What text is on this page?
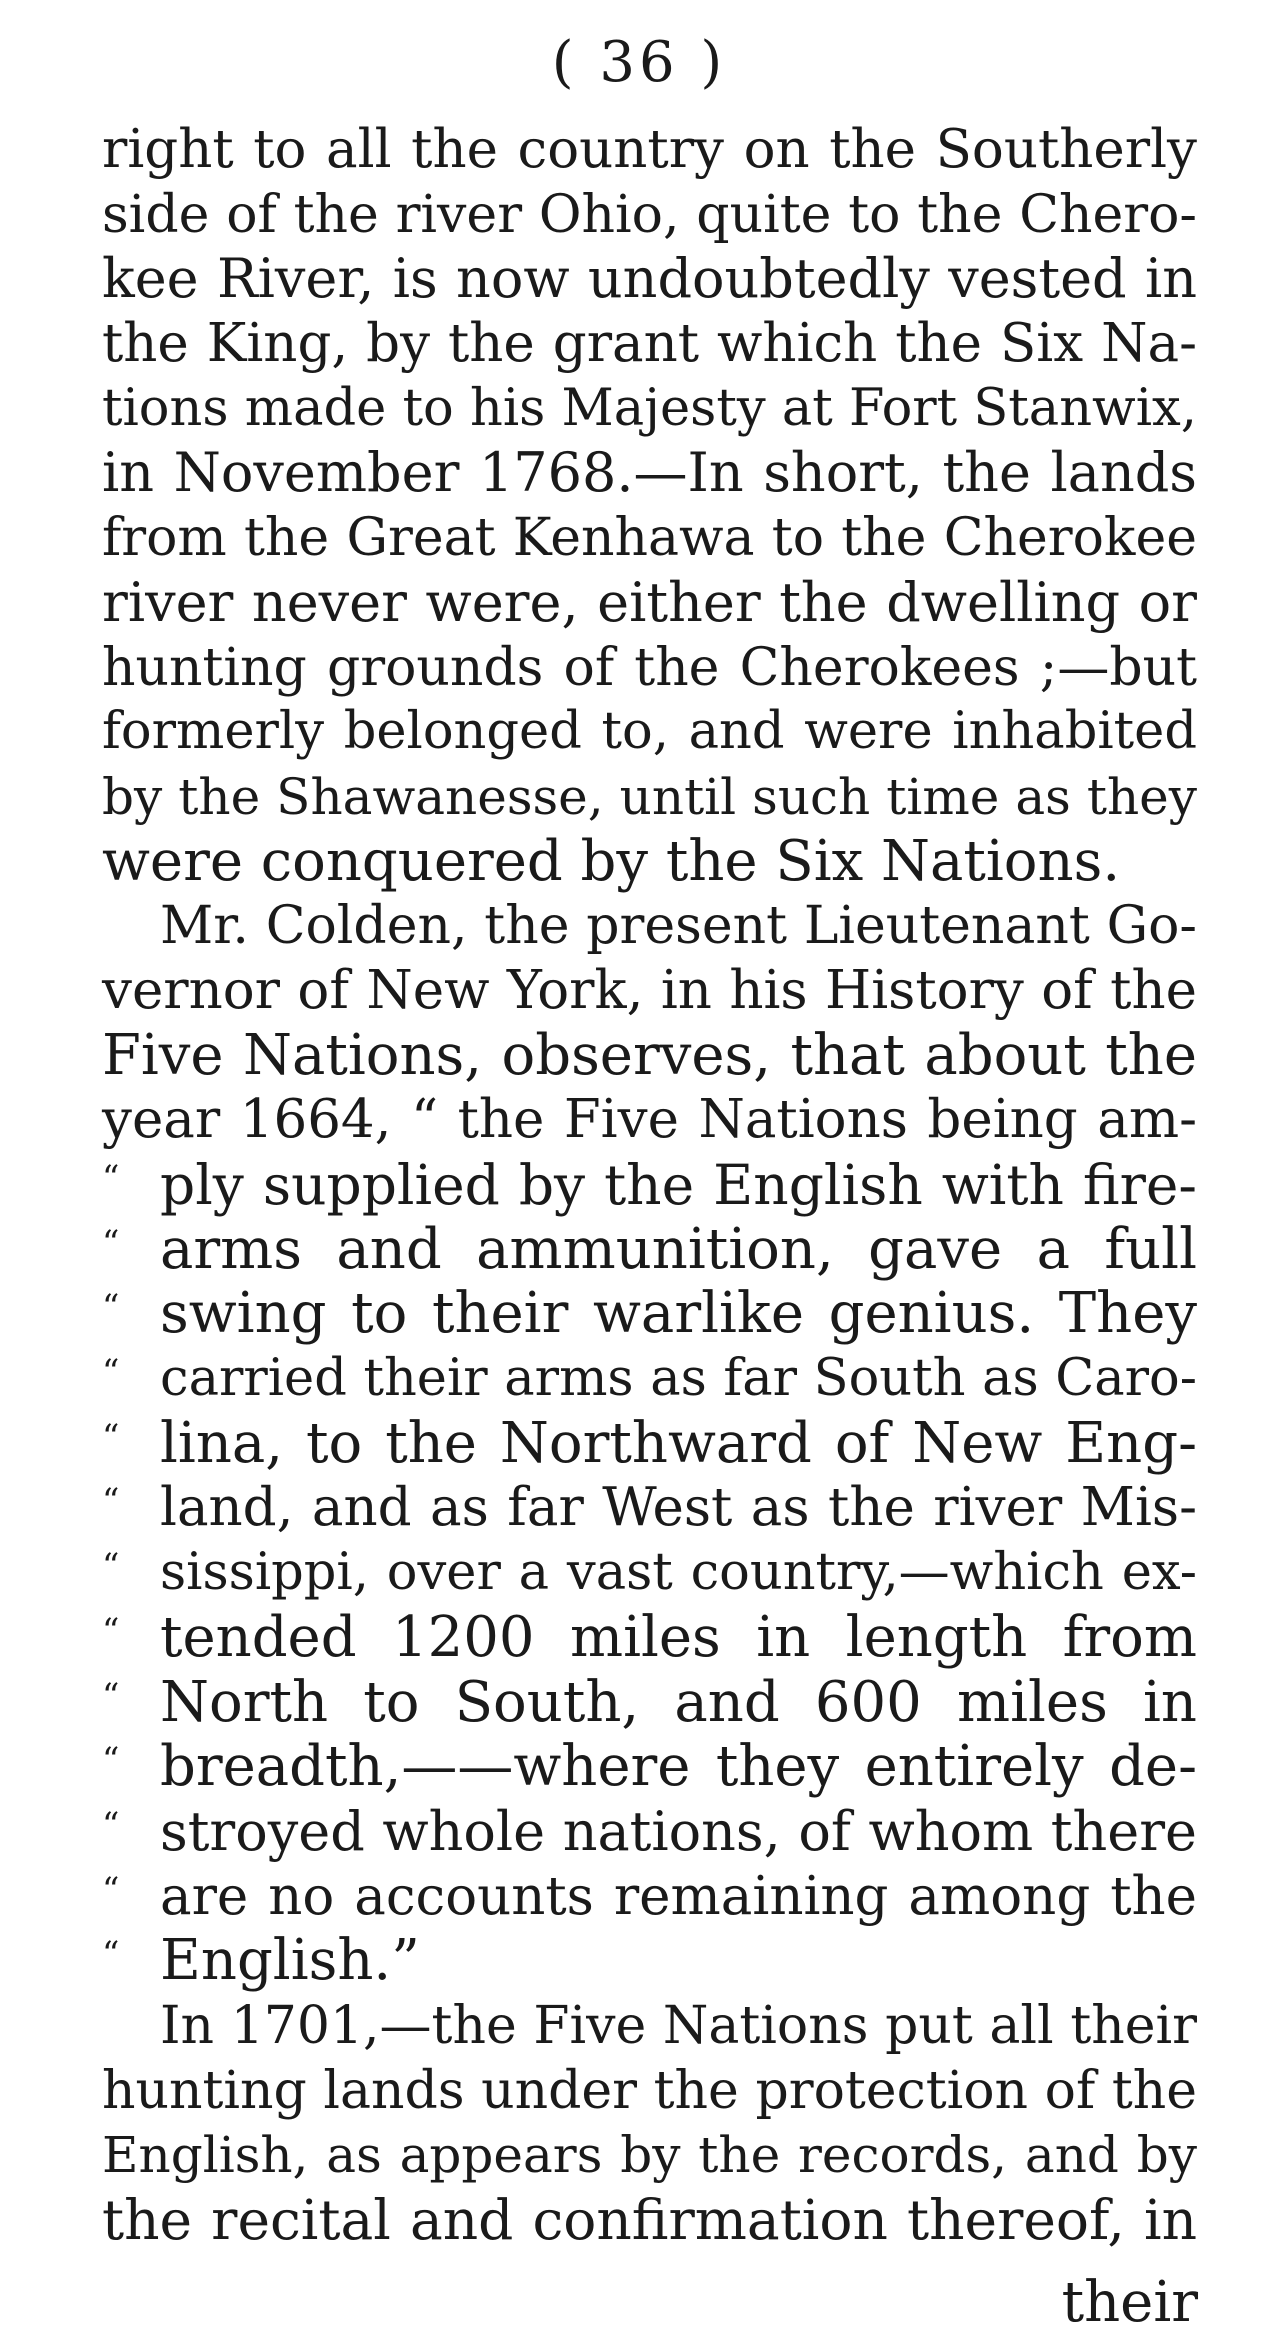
( 36 )
right to all the country on the Southerly
side of the river Ohio, quite to the Chero-
kee River, is now undoubtedly vested in
the King, by the grant which the Six Na-
tions made to his Majesty at Fort Stanwix,
in November 1768.—In short, the lands
from the Great Kenhawa to the Cherokee
river never were, either the dwelling or
hunting grounds of the Cherokees ;—but
formerly belonged to, and were inhabited
by the Shawanesse, until such time as they
were conquered by the Six Nations.
Mr. Colden, the present Lieutenant Go-
vernor of New York, in his History of the
Five Nations, observes, that about the
year 1664, “ the Five Nations being am-
“ ply supplied by the English with fire-
“ arms and ammunition, gave a full
“ swing to their warlike genius. They
“ carried their arms as far South as Caro-
“ lina, to the Northward of New Eng-
“ land, and as far West as the river Mis-
“ sissippi, over a vast country,—which ex-
“ tended 1200 miles in length from
“ North to South, and 600 miles in
“ breadth,——where they entirely de-
“ stroyed whole nations, of whom there
“ are no accounts remaining among the
“ English.”
In 1701,—the Five Nations put all their
hunting lands under the protection of the
English, as appears by the records, and by
the recital and confirmation thereof, in
their
